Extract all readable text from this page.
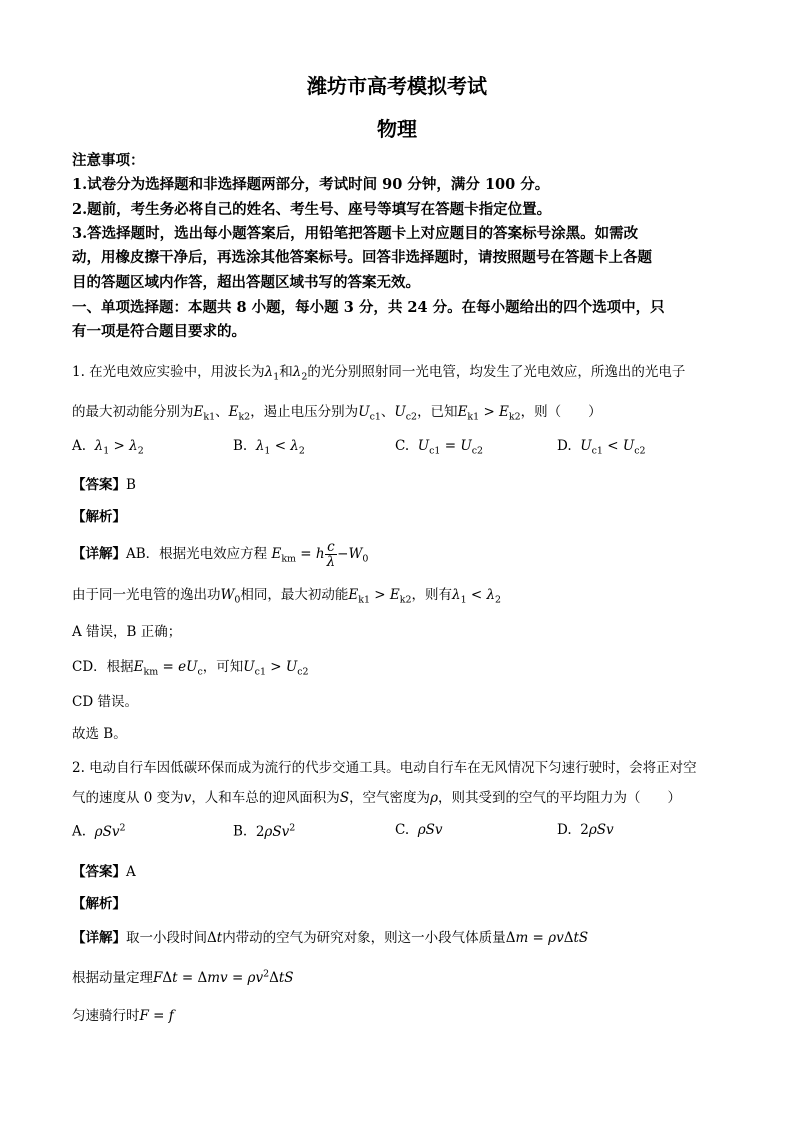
潍坊市高考模拟考试
物理
注意事项：
1.试卷分为选择题和非选择题两部分，考试时间 90 分钟，满分 100 分。
2.题前，考生务必将自己的姓名、考生号、座号等填写在答题卡指定位置。
3.答选择题时，选出每小题答案后，用铅笔把答题卡上对应题目的答案标号涂黑。如需改
动，用橡皮擦干净后，再选涂其他答案标号。回答非选择题时，请按照题号在答题卡上各题
目的答题区域内作答，超出答题区域书写的答案无效。
一、单项选择题：本题共 8 小题，每小题 3 分，共 24 分。在每小题给出的四个选项中，只
有一项是符合题目要求的。
1. 在光电效应实验中，用波长为$\lambda_1$和$\lambda_2$的光分别照射同一光电管，均发生了光电效应，所逸出的光电子
的最大初动能分别为$E_{k1}$、$E_{k2}$，遏止电压分别为$U_{c1}$、$U_{c2}$，已知$E_{k1} > E_{k2}$，则（　　）
A. $\lambda_1 > \lambda_2$	B. $\lambda_1 < \lambda_2$	C. $U_{c1} = U_{c2}$	D. $U_{c1} < U_{c2}$
【答案】B
【解析】
【详解】AB．根据光电效应方程 $E_{km} = h \frac{c}{\lambda} -W_0$
由于同一光电管的逸出功$W_0$相同，最大初动能$E_{k1} > E_{k2}$，则有$\lambda_1 < \lambda_2$
A 错误，B 正确；
CD．根据$E_{km} = eU_c$，可知$U_{c1} > U_{c2}$
CD 错误。
故选 B。
2. 电动自行车因低碳环保而成为流行的代步交通工具。电动自行车在无风情况下匀速行驶时，会将正对空
气的速度从 0 变为v，人和车总的迎风面积为S，空气密度为ρ，则其受到的空气的平均阻力为（　　）
A. ρSv$^2$	B. 2ρSv$^2$	C. ρSv	D. 2ρSv
【答案】A
【解析】
【详解】取一小段时间Δt内带动的空气为研究对象，则这一小段气体质量Δm = ρvΔtS
根据动量定理$F\Delta t = \Delta mv = \rho v^2\Delta tS$
匀速骑行时F = f
